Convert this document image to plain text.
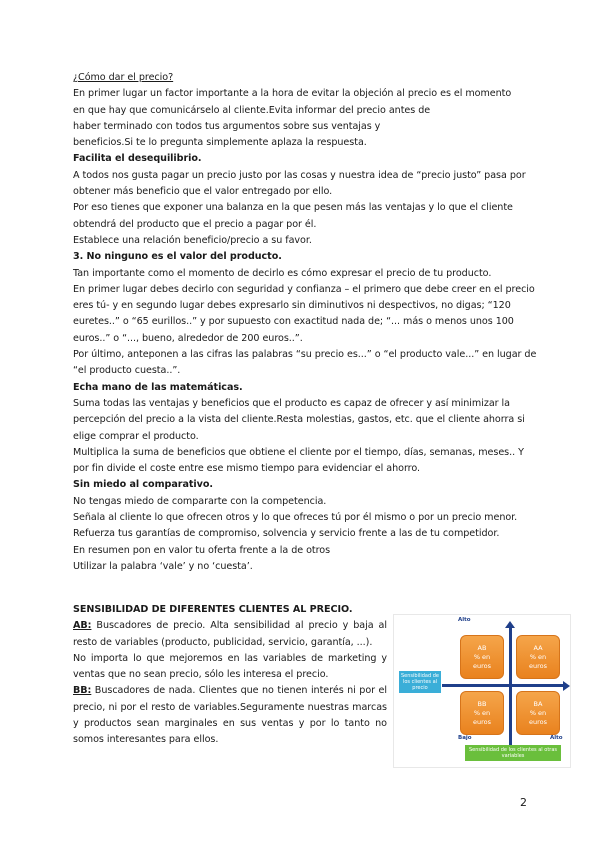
¿Cómo dar el precio?
En primer lugar un factor importante a la hora de evitar la objeción al precio es el momento
en que hay que comunicárselo al cliente.Evita informar del precio antes de
haber terminado con todos tus argumentos sobre sus ventajas y
beneficios.Si te lo pregunta simplemente aplaza la respuesta.
Facilita el desequilibrio.
A todos nos gusta pagar un precio justo por las cosas y nuestra idea de “precio justo” pasa por
obtener más beneficio que el valor entregado por ello.
Por eso tienes que exponer una balanza en la que pesen más las ventajas y lo que el cliente
obtendrá del producto que el precio a pagar por él.
Establece una relación beneficio/precio a su favor.
3. No ninguno es el valor del producto.
Tan importante como el momento de decirlo es cómo expresar el precio de tu producto.
En primer lugar debes decirlo con seguridad y confianza – el primero que debe creer en el precio
eres tú- y en segundo lugar debes expresarlo sin diminutivos ni despectivos, no digas; “120
euretes..” o “65 eurillos..” y por supuesto con exactitud nada de; “... más o menos unos 100
euros..” o “..., bueno, alrededor de 200 euros..”.
Por último, anteponen a las cifras las palabras “su precio es...” o “el producto vale...” en lugar de
“el producto cuesta..”.
Echa mano de las matemáticas.
Suma todas las ventajas y beneficios que el producto es capaz de ofrecer y así minimizar la
percepción del precio a la vista del cliente.Resta molestias, gastos, etc. que el cliente ahorra si
elige comprar el producto.
Multiplica la suma de beneficios que obtiene el cliente por el tiempo, días, semanas, meses.. Y
por fin divide el coste entre ese mismo tiempo para evidenciar el ahorro.
Sin miedo al comparativo.
No tengas miedo de compararte con la competencia.
Señala al cliente lo que ofrecen otros y lo que ofreces tú por él mismo o por un precio menor.
Refuerza tus garantías de compromiso, solvencia y servicio frente a las de tu competidor.
En resumen pon en valor tu oferta frente a la de otros
Utilizar la palabra ‘vale’ y no ‘cuesta’.
SENSIBILIDAD DE DIFERENTES CLIENTES AL PRECIO.
AB: Buscadores de precio. Alta sensibilidad al precio y baja al resto de variables (producto, publicidad, servicio, garantía, ...).
No importa lo que mejoremos en las variables de marketing y ventas que no sean precio, sólo les interesa el precio.
BB: Buscadores de nada. Clientes que no tienen interés ni por el precio, ni por el resto de variables.Seguramente nuestras marcas y productos sean marginales en sus ventas y por lo tanto no somos interesantes para ellos.
Alto
Bajo	Alto
Sensibilidad de los clientes al precio
Sensibilidad de los clientes al otras variables
AB
% en
euros
AA
% en
euros
BB
% en
euros
BA
% en
euros
2
